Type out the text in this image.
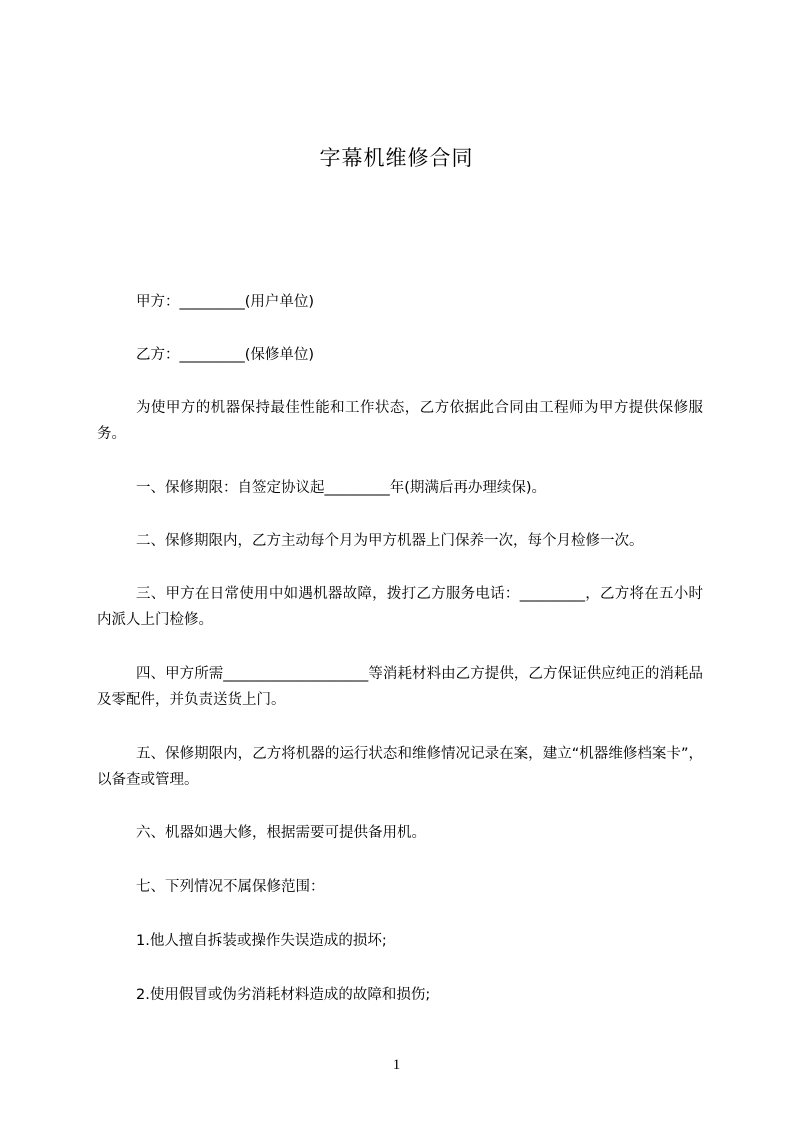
字幕机维修合同

甲方：_________(用户单位)

乙方：_________(保修单位)

为使甲方的机器保持最佳性能和工作状态，乙方依据此合同由工程师为甲方提供保修服务。

一、保修期限：自签定协议起_________年(期满后再办理续保)。

二、保修期限内，乙方主动每个月为甲方机器上门保养一次，每个月检修一次。

三、甲方在日常使用中如遇机器故障，拨打乙方服务电话：_________，乙方将在五小时内派人上门检修。

四、甲方所需____________________等消耗材料由乙方提供，乙方保证供应纯正的消耗品及零配件，并负责送货上门。

五、保修期限内，乙方将机器的运行状态和维修情况记录在案，建立“机器维修档案卡”，以备查或管理。

六、机器如遇大修，根据需要可提供备用机。

七、下列情况不属保修范围：

1.他人擅自拆装或操作失误造成的损坏;

2.使用假冒或伪劣消耗材料造成的故障和损伤;

1
